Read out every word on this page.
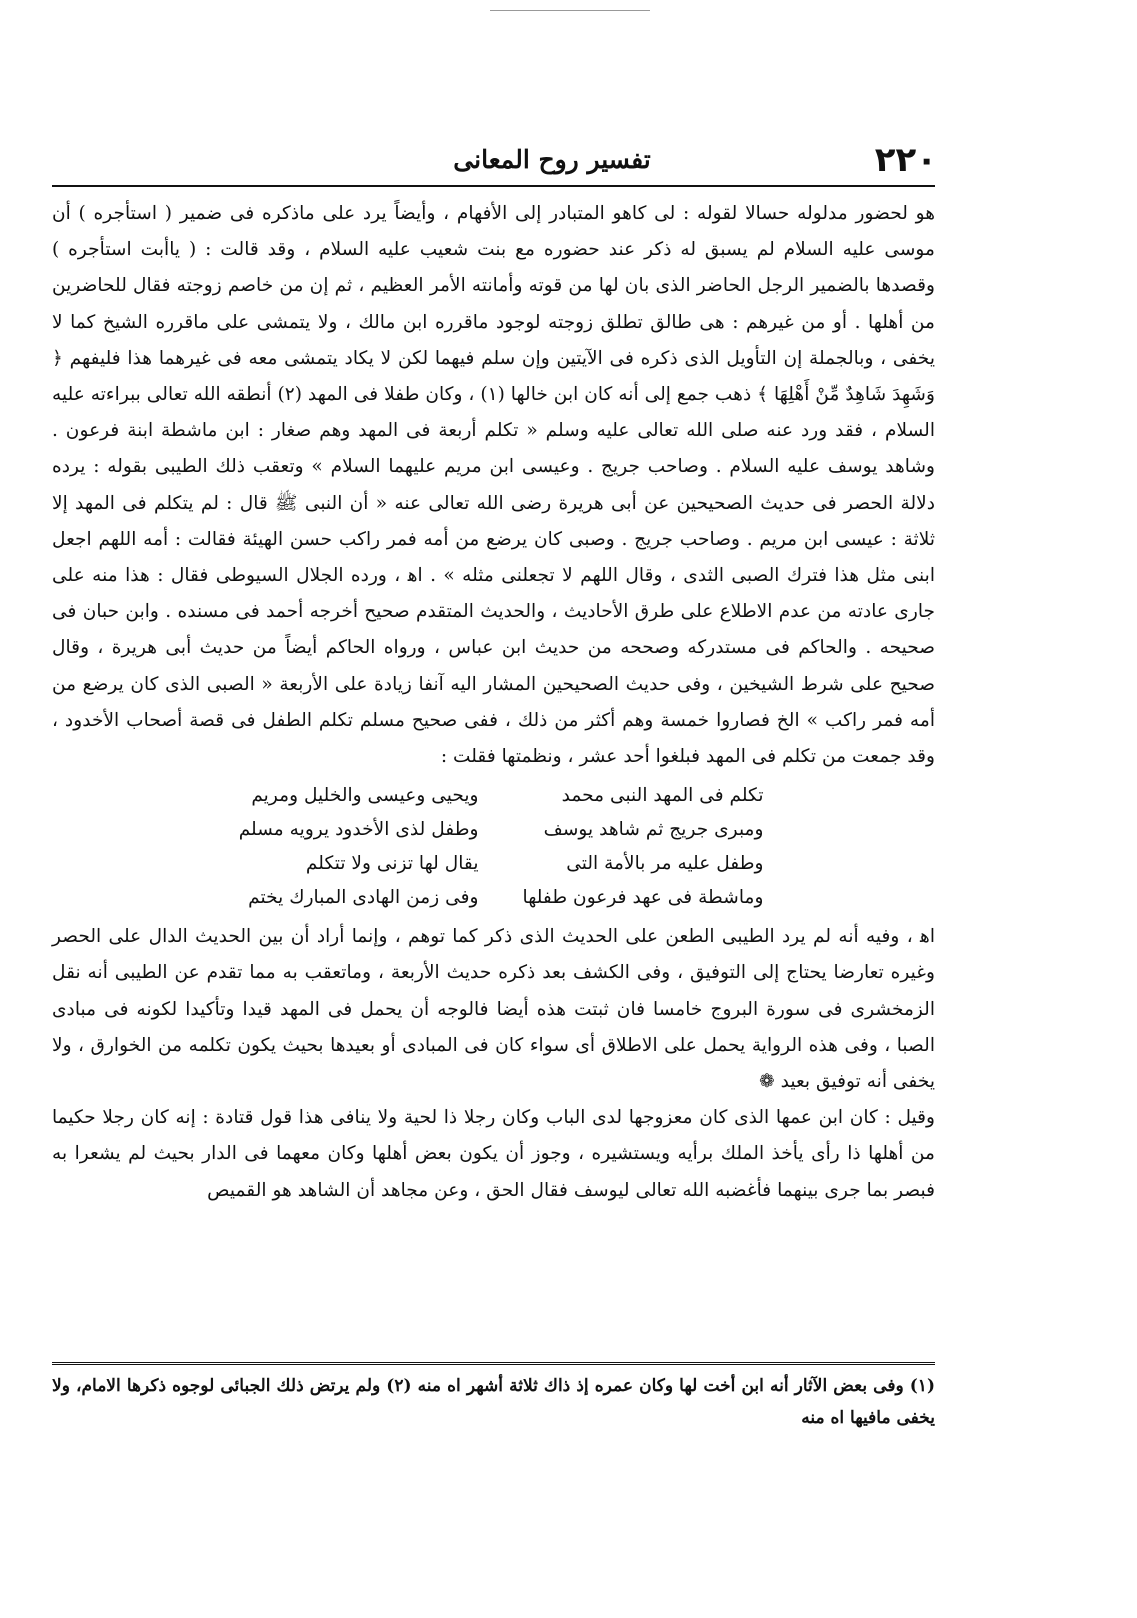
٢٢٠
تفسير روح المعانى

هو لحضور مدلوله حسالا لقوله : لى كاهو المتبادر إلى الأفهام ، وأيضاً يرد على ماذكره فى ضمير ( استأجره ) أن موسى عليه السلام لم يسبق له ذكر عند حضوره مع بنت شعيب عليه السلام ، وقد قالت : ( ياأبت استأجره ) وقصدها بالضمير الرجل الحاضر الذى بان لها من قوته وأمانته الأمر العظيم ، ثم إن من خاصم زوجته فقال للحاضرين من أهلها . أو من غيرهم : هى طالق تطلق زوجته لوجود ماقرره ابن مالك ، ولا يتمشى على ماقرره الشيخ كما لا يخفى ، وبالجملة إن التأويل الذى ذكره فى الآيتين وإن سلم فيهما لكن لا يكاد يتمشى معه فى غيرهما هذا فليفهم ﴿ وَشَهِدَ شَاهِدٌ مِّنْ أَهْلِهَا ﴾ ذهب جمع إلى أنه كان ابن خالها (١) ، وكان طفلا فى المهد (٢) أنطقه الله تعالى ببراءته عليه السلام ، فقد ورد عنه صلى الله تعالى عليه وسلم « تكلم أربعة فى المهد وهم صغار : ابن ماشطة ابنة فرعون . وشاهد يوسف عليه السلام . وصاحب جريج . وعيسى ابن مريم عليهما السلام » وتعقب ذلك الطيبى بقوله : يرده دلالة الحصر فى حديث الصحيحين عن أبى هريرة رضى الله تعالى عنه « أن النبى ﷺ قال : لم يتكلم فى المهد إلا ثلاثة : عيسى ابن مريم . وصاحب جريج . وصبى كان يرضع من أمه فمر راكب حسن الهيئة فقالت : أمه اللهم اجعل ابنى مثل هذا فترك الصبى الثدى ، وقال اللهم لا تجعلنى مثله » . اه‍ ، ورده الجلال السيوطى فقال : هذا منه على جارى عادته من عدم الاطلاع على طرق الأحاديث ، والحديث المتقدم صحيح أخرجه أحمد فى مسنده . وابن حبان فى صحيحه . والحاكم فى مستدركه وصححه من حديث ابن عباس ، ورواه الحاكم أيضاً من حديث أبى هريرة ، وقال صحيح على شرط الشيخين ، وفى حديث الصحيحين المشار اليه آنفا زيادة على الأربعة « الصبى الذى كان يرضع من أمه فمر راكب » الخ فصاروا خمسة وهم أكثر من ذلك ، ففى صحيح مسلم تكلم الطفل فى قصة أصحاب الأخدود ، وقد جمعت من تكلم فى المهد فبلغوا أحد عشر ، ونظمتها فقلت :

تكلم فى المهد النبى محمد
ويحيى وعيسى والخليل ومريم
ومبرى جريج ثم شاهد يوسف
وطفل لذى الأخدود يرويه مسلم
وطفل عليه مر بالأمة التى
يقال لها تزنى ولا تتكلم
وماشطة فى عهد فرعون طفلها
وفى زمن الهادى المبارك يختم

اه‍ ، وفيه أنه لم يرد الطيبى الطعن على الحديث الذى ذكر كما توهم ، وإنما أراد أن بين الحديث الدال على الحصر وغيره تعارضا يحتاج إلى التوفيق ، وفى الكشف بعد ذكره حديث الأربعة ، وماتعقب به مما تقدم عن الطيبى أنه نقل الزمخشرى فى سورة البروج خامسا فان ثبتت هذه أيضا فالوجه أن يحمل فى المهد قيدا وتأكيدا لكونه فى مبادى الصبا ، وفى هذه الرواية يحمل على الاطلاق أى سواء كان فى المبادى أو بعيدها بحيث يكون تكلمه من الخوارق ، ولا يخفى أنه توفيق بعيد ❁

وقيل : كان ابن عمها الذى كان معزوجها لدى الباب وكان رجلا ذا لحية ولا ينافى هذا قول قتادة : إنه كان رجلا حكيما من أهلها ذا رأى يأخذ الملك برأيه ويستشيره ، وجوز أن يكون بعض أهلها وكان معهما فى الدار بحيث لم يشعرا به فبصر بما جرى بينهما فأغضبه الله تعالى ليوسف فقال الحق ، وعن مجاهد أن الشاهد هو القميص

(١) وفى بعض الآثار أنه ابن أخت لها وكان عمره إذ ذاك ثلاثة أشهر اه منه (٢) ولم يرتض ذلك الجبائى لوجوه ذكرها الامام، ولا يخفى مافيها اه منه
